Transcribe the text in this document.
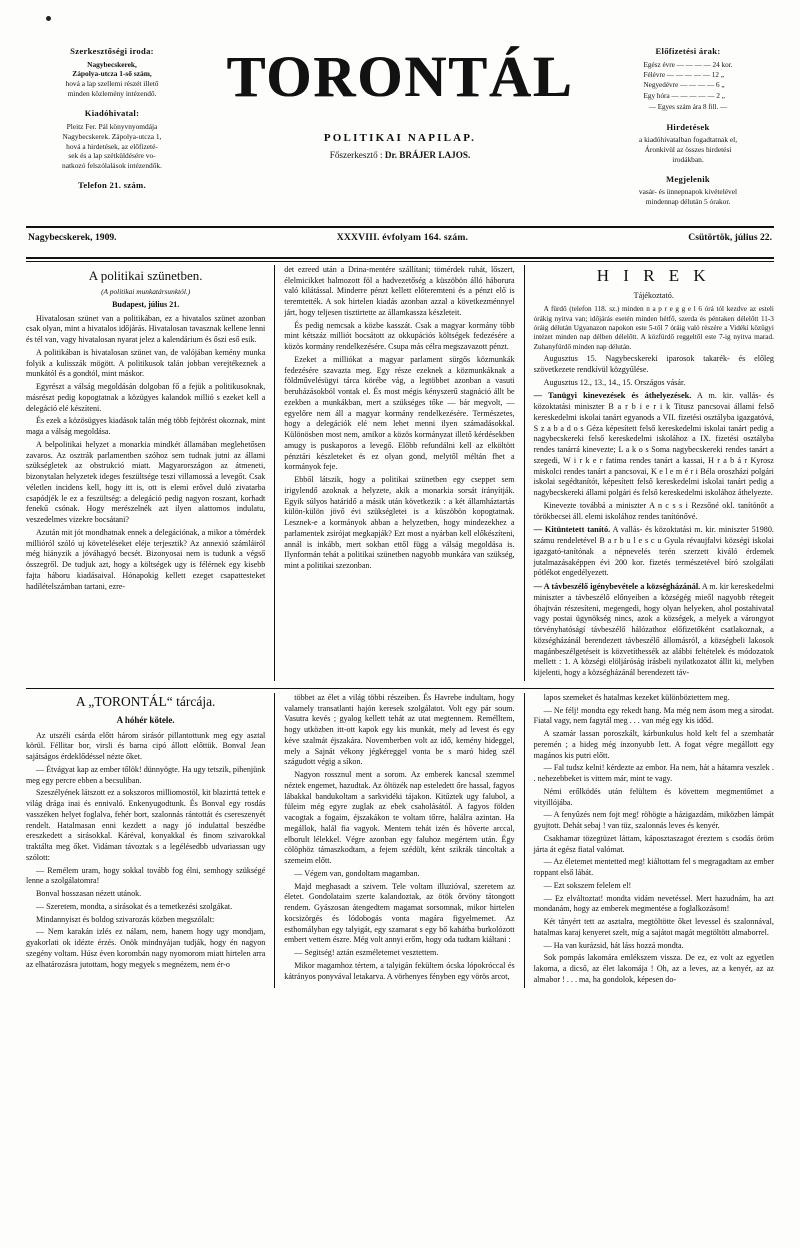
Szerkesztőségi iroda:
Nagybecskerek,
Zápolya-utcza 1-ső szám,
hová a lap szellemi részét illető
minden közlemény intézendő.
Kiadóhivatal:
Pleitz Fer. Pál könyvnyomdája
Nagybecskerek. Zápolya-utcza 1,
hová a hirdetések, az előfizeté-
sek és a lap szétküldésére vo-
natkozó felszólalások intézendők.
Telefon 21. szám.
TORONTÁL
POLITIKAI NAPILAP.
Főszerkesztő : Dr. BRÁJER LAJOS.
Előfizetési árak:
Egész évre — — — — 24 kor.
Félévre — — — — — 12 „
Negyedévre — — — — 6 „
Egy hóra — — — — — 2 „
— Egyes szám ára 8 fill. —
Hirdetések
a kiadóhivatalban fogadtatnak el,
Áronkivül az összes hirdetési
irodákban.
Megjelenik
vasár- és ünnepnapok kivételével
mindennap délután 5 órakor.
Nagybecskerek, 1909.	XXXVIII. évfolyam 164. szám.	Csütörtök, július 22.
A politikai szünetben.
(A politikai munkatársunktól.)
Budapest, július 21.

Hivatalosan szünet van a politikában, ez a hivatalos szünet azonban csak olyan, mint a hivatalos időjárás. Hivatalosan tavasznak kellene lenni és tél van, vagy hivatalosan nyarat jelez a kalendárium és őszi eső esik.

A politikában is hivatalosan szünet van, de valójában kemény munka folyik a kulisszák mögött. A politikusok talán jobban verejtékeznek a munkától és a gondtól, mint máskor.

Egyrészt a válság megoldásán dolgoban fő a fejük a politikusoknak, másrészt pedig kopogtatnak a közügyes kalandok millió s ezeket kell a delegáció elé készíteni.

És ezek a közösügyes kiadások talán még több fejtörést okoznak, mint maga a válság megoldása.

A belpolitikai helyzet a monarkia mindkét államában meglehetősen zavaros. Az osztrák parlamentben szóhoz sem tudnak jutni az állami szükségletek az obstrukció miatt. Magyarországon az átmeneti, bizonytalan helyzetek ideges feszültsége teszi villamossá a levegőt. Csak véletlen incidens kell, hogy itt is, ott is elemi erővel duló zivatarba csapódjék le ez a feszültség: a delegáció pedig nagyon roszant, korhadt fenekű csónak. Hogy merészelnék azt ilyen alattomos indulatu, veszedelmes vizekre bocsátani?

Azután mit jót mondhatnak ennek a delegációnak, a mikor a tömérdek millióról szóló uj követeléseket eléje terjesztik? Az annexió számláiról még hiányzik a jóváhagyó becsét. Bizonyosai nem is tudunk a végső összegről. De tudjuk azt, hogy a költségek ugy is félérnek egy kisebb fajta háboru kiadásaival. Hónapokig kellett ezeget csapattesteket hadílételszámban tartani, ezre-

det ezreed után a Drina-mentére szállítani; tömérdek ruhát, lőszert, élelmicikket halmozott föl a hadvezetőség a küszöbön álló háborura való kilátással. Minderre pénzt kellett előteremteni és a pénzt elő is teremtették. A sok hirtelen kiadás azonban azzal a következménnyel járt, hogy teljesen tisztirtette az államkassza készleteit.

És pedig nemcsak a közbe kasszát. Csak a magyar kormány több mint kétszáz milliót bocsátott az okkupációs költségek fedezésére a közös kormány rendelkezésére. Csupa más célra megszavazott pénzt.

Ezeket a milliókat a magyar parlament sürgős közmunkák fedezésére szavazta meg. Egy része ezeknek a közmunkáknak a földművelésügyi tárca körébe vág, a legtöbbet azonban a vasuti beruházásokból vontak el. És most mégis kényszerű stagnáció állt be ezekben a munkákban, mert a szükséges tőke — bár megvolt, — egyelőre nem áll a magyar kormány rendelkezésére. Természetes, hogy a delegációk elé nem lehet menni ilyen számadásokkal. Különösben most nem, amikor a közös kormányzat illető kérdésekben amugy is puskaporos a levegő. Előbb refundálni kell az elköltött pénztári készleteket és ez olyan gond, melytől méltán fhet a kormányok feje.

Ebből látszik, hogy a politikai szünetben egy cseppet sem irigylendő azoknak a helyzete, akik a monarkia sorsát irányítják. Egyik súlyos határidő a másik után következik : a két államháztartás külön-külön jövő évi szükségletei is a küszöbön kopogtatnak. Lesznek-e a kormányok abban a helyzetben, hogy mindezekhez a parlamentek zsirójat megkapják? Ezt most a nyárban kell előkészíteni, annál is inkább, mert sokban ettől függ a válság megoldása is. Ilynformán tehát a politikai szünetben nagyobb munkára van szükség, mint a politikai szezonban.

H I R E K
Tájékoztató.

A fürdő (telefon 118. sz.) minden n a p r e g g e l 6 órá tól kezdve az esteli órákig nyitva van; időjárás esetén minden hétfő, szerda és péntaken délelőtt 11-3 óráig délután Ugyanazon napokon este 5-től 7 óráig való részére a Vidéki közügyi intézet minden nap délben délelőtt. A közfürdő reggeltől este 7-ig nyitva marad. Zuhanyfürdő minden nap délután.

Augusztus 15. Nagybecskereki iparosok takarék- és előleg szövetkezete rendkívül közgyűlése.

Augusztus 12., 13., 14., 15. Országos vásár.

— Tanügyi kinevezések és áthelyezések. A m. kir. vallás- és közoktatási miniszter B a r b i e r i k Titusz pancsovai állami felső kereskedelmi iskolai tanárt egyanods a VII. fizetési osztályba igazgatóvá, S z a b a d o s Géza képesített felső kereskedelmi iskolai tanárt pedig a nagybecskereki felső kereskedelmi iskolához a IX. fizetési osztályba rendes tanárrá kinevezte; L a k o s Soma nagybecskereki rendes tanárt a szegedi, W i r k e r fatima rendes tanárt a kassai, H r a b á r Kyrosz miskolci rendes tanárt a pancsovai, K e l e m é r i Béla oroszházi polgári iskolai segédtanítót, képesített felső kereskedelmi iskolai tanárt pedig a nagybecskereki állami polgári és felső kereskedelmi iskolához áthelyezte.

Kinevezte továbbá a miniszter A n c s s i Rezsőné okl. tanítónőt a törökbecsei áll. elemi iskolához rendes tanítónővé.

— Kitüntetett tanító. A vallás- és közoktatási m. kir. miniszter 51980. számu rendeletével B a r b u l e s c u Gyula révaujfalvi községi iskolai igazgató-tanítónak a népnevelés terén szerzett kiváló érdemek jutalmazásaképpen évi 200 kor. fizetés természetével bíró szolgálati pótlékot engedélyezett.

— A távbeszélő igénybevétele a községházánál. A m. kir kereskedelmi miniszter a távbeszélő előnyeiben a községég mieől nagyobb rétegeit óhajtván részesíteni, megengedi, hogy olyan helyeken, ahol postahivatal vagy postai ügynökség nincs, azok a községek, a melyek a várongyot törvényhatóságí távbeszélő hálózathoz előfizetőként csatlakoznak, a községházánál berendezett távbeszélő állomásról, a községbeli lakosok magánbeszélgetéseit is közvetíthessék az alábbi feltételek és módozatok mellett : 1. A községi elöljáróság irásbeli nyilatkozatot állit ki, melyben kijelenti, hogy a községházánál berendezett táv-

A „TORONTÁL“ tárcája.
A hóhér kötele.

Az utszéli csárda előtt három sirásór pillantottunk meg egy asztal körül. Féllitar bor, virsli és barna cipó állott előttük. Bonval Jean sajátságos érdeklődéssel nézte őket.

— Étvágyat kap az ember tőlök! dünnyögte. Ha ugy tetszik, pihenjünk meg egy percre ebben a becsuliban.

Szeszélyének látszott ez a sokszoros milliomostól, kit blazirttá tettek e világ drága inai és ennivaló. Enkenyugodtunk. És Bonval egy rosdás vasszéken helyet foglalva, fehér bort, szalonnás rántottát és csereszenyét rendelt. Hatalmasan enni kezdett a nagy jó indulattal beszédbe ereszkedett a sirásokkal. Káréval, konyakkal és finom szivarokkal traktálta meg őket. Vidáman távoztak s a legélésedbb udvariassan ugy szólott:

— Remélem uram, hogy sokkal tovább fog élni, semhogy szükségé lenne a szolgálatomra!

Bonval hosszasan nézett utánok.

— Szeretem, mondta, a sirásokat és a temetkezési szolgákat.

Mindannyiszt és boldog szivarozás közben megszólalt:

— Nem karakán izlés ez nálam, nem, hanem hogy ugy mondjam, gyakorlati ok idézte érzés. Onök mindnyájan tudják, hogy én nagyon szegény voltam. Húsz éven korombán nagy nyomorom miatt hirtelen arra az elhatározásra jutottam, hogy megyek s megnézem, nem ér-o

többet az élet a világ többi részeiben. És Havrebe indultam, hogy valamely transatlanti hajón keresek szolgálatot. Volt egy pár soum. Vasutra kevés ; gyalog kellett tehát az utat megtennem. Remélltem, hogy utközben itt-ott kapok egy kis munkát, mely ad levest és egy kéve szalmát éjszakára. Novemberben volt az idő, kemény hideggel, mely a Sajnát vékony jégkéreggel vonta be s maró hideg szél szágudott végig a síkon.

Nagyon rossznul ment a sorom. Az emberek kancsal szemmel néztek engemet, hazudtak. Az öltözék nap esteledett őre hassal, fagyos lábakkal bandukoltam a sarkvidéki tájakon. Kitűztek ugy falubol, a füleim még egyre zuglak az ebek csaholásától. A fagyos földen vacogtak a fogaim, éjszakákon te voltam tőrre, halálra azintan. Ha megállok, halál fia vagyok. Mentem tehát izén és hőverte arccal, elborult lélekkel. Végre azonban egy faluhoz megértem után. Égy cölöphöz támaszkodtam, a fejem szédült, ként szikrák táncoltak a szemeim előtt.

— Végem van, gondoltam magamban.

Majd meghasadt a szivem. Tele voltam illuzióval, szeretem az életet. Gondolataim szerte kalandoztak, az ötök őrvöny tátongott rendem. Gyászosan átengedtem magamat sorsomnak, mikor hirtelen kocsizörgés és lódobogás vonta magára figyelmemet. Az esthomályban egy talyigát, egy szamarat s egy bő kabátba burkolózott embert vettem észre. Még volt annyi erőm, hogy oda tudtam kiáltani :

— Segitség! aztán eszméletemet vesztettem.

Mikor magamhoz tértem, a talyigán fekültem ócska lópokróccal és kátrányos ponyvával letakarva. A vörhenyes fényben egy vörös arcot,

lapos szemeket és hatalmas kezeket különböztettem meg.

— Ne félj! mondta egy rekedt hang. Ma még nem ásom meg a sirodat. Fiatal vagy, nem fagytál meg . . . van még egy kis időd.

A szamár lassan poroszkált, kárbunkulus hold kelt fel a szemhatár peremén ; a hideg még inzonyubb lett. A fogat végre megállott egy magános kis putri előtt.

— Fal tudsz kelni! kérdezte az embor. Ha nem, hát a hátamra veszlek . . nehezebbeket is vittem már, mint te vagy.

Némi erőlködés után felültem és követtem megmentőmet a vityillójába.

— A fenyűzés nem fojt meg! röhögte a házigazdám, miközben lámpát gyujtott. Dehát sebaj ! van tüz, szalonnás leves és kenyér.

Csakhamar tözegtüzet láttam, káposztaszagot éreztem s csodás öröm járta át egész fiatal valómat.

— Az életemet mentetted meg! kiáltottam fel s megragadtam az ember roppant első lábát.

— Ezt sokszem felelem el!

— Ez elváltoztat! mondta vidám nevetéssel. Mert hazudnám, ha azt mondanám, hogy az emberek megmentése a foglalkozásom!

Két tányért tett az asztalra, megtöltötte őket levessel és szalonnával, hatalmas karaj kenyeret szelt, míg a sajátot magát megtöltött almaborrel.

— Ha van kurázsid, hát láss hozzá mondta.

Sok pompás lakomára emlékszem vissza. De ez, ez volt az egyetlen lakoma, a dicső, az élet lakomája ! Oh, az a leves, az a kenyér, az az almabor ! . . . ma, ha gondolok, képesen do-
